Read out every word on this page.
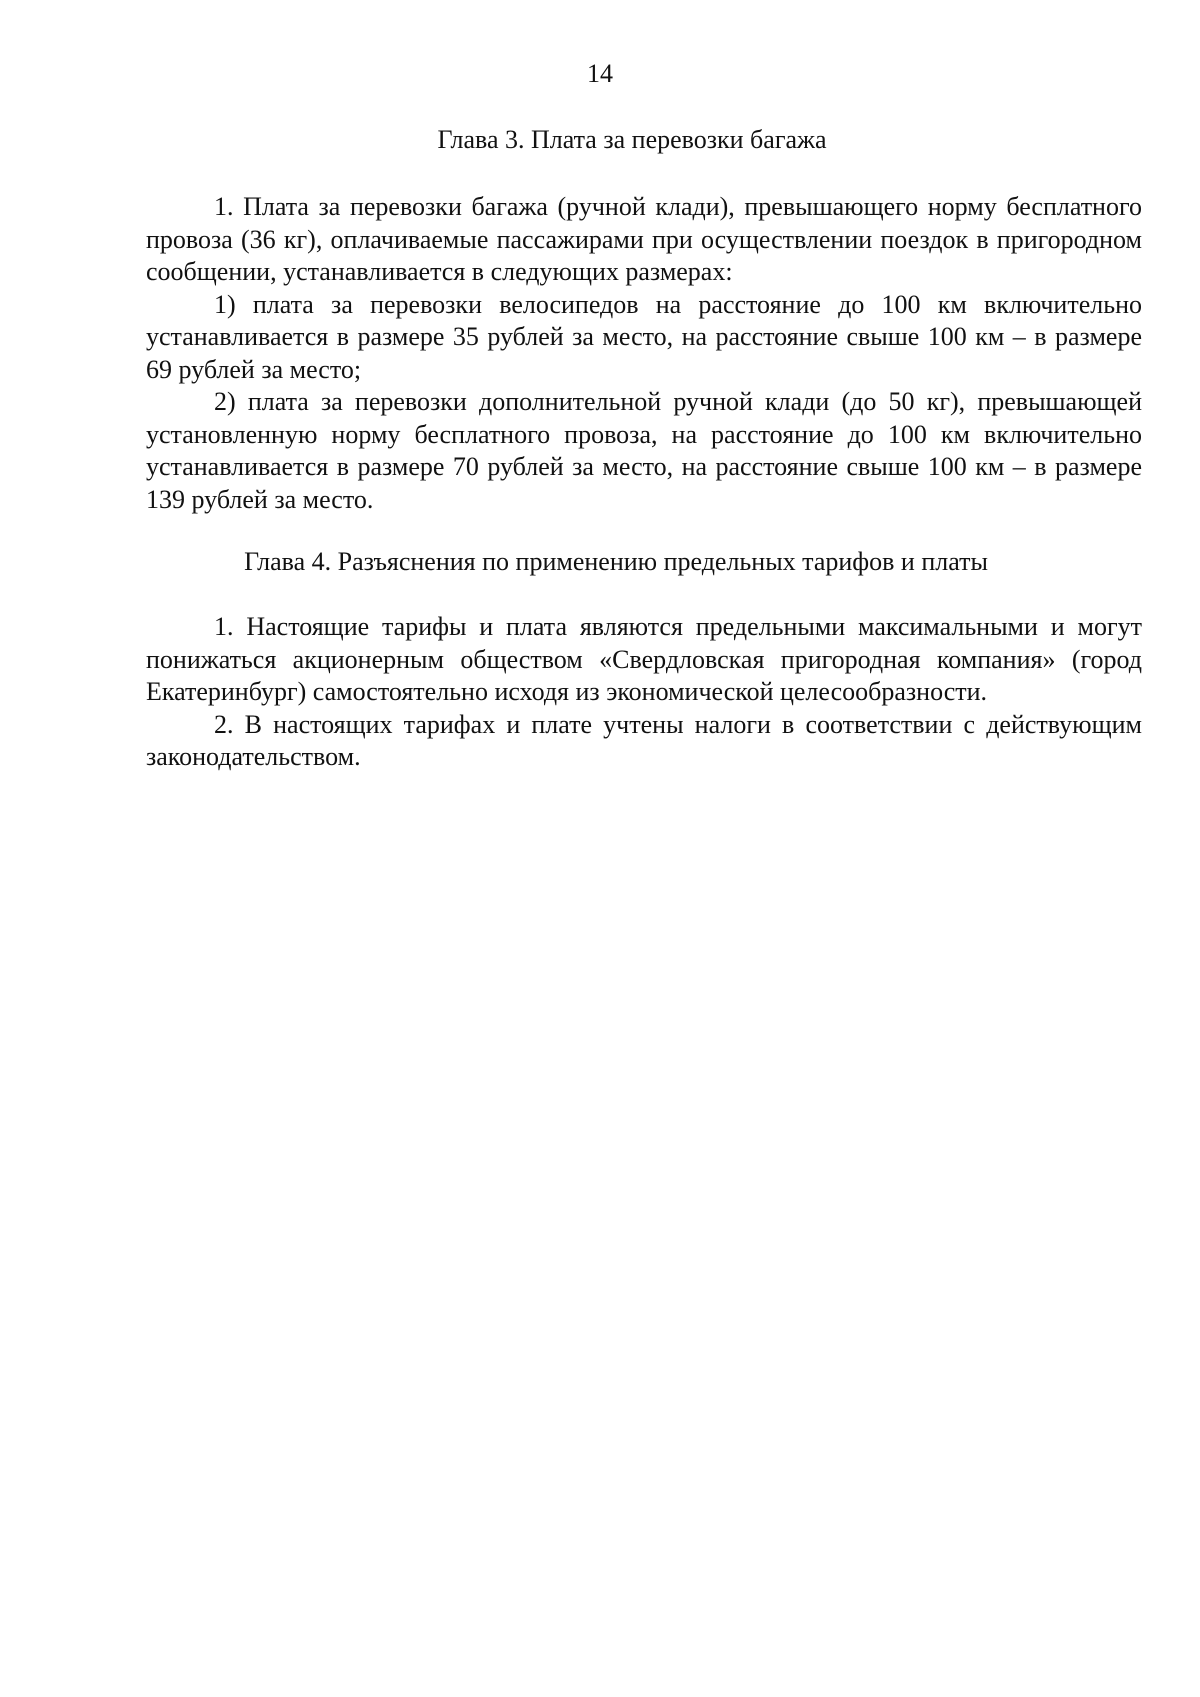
14
Глава 3. Плата за перевозки багажа

1. Плата за перевозки багажа (ручной клади), превышающего норму бесплатного провоза (36 кг), оплачиваемые пассажирами при осуществлении поездок в пригородном сообщении, устанавливается в следующих размерах:

1) плата за перевозки велосипедов на расстояние до 100 км включительно устанавливается в размере 35 рублей за место, на расстояние свыше 100 км – в размере 69 рублей за место;

2) плата за перевозки дополнительной ручной клади (до 50 кг), превышающей установленную норму бесплатного провоза, на расстояние до 100 км включительно устанавливается в размере 70 рублей за место, на расстояние свыше 100 км – в размере 139 рублей за место.

Глава 4. Разъяснения по применению предельных тарифов и платы

1. Настоящие тарифы и плата являются предельными максимальными и могут понижаться акционерным обществом «Свердловская пригородная компания» (город Екатеринбург) самостоятельно исходя из экономической целесообразности.

2. В настоящих тарифах и плате учтены налоги в соответствии с действующим законодательством.
